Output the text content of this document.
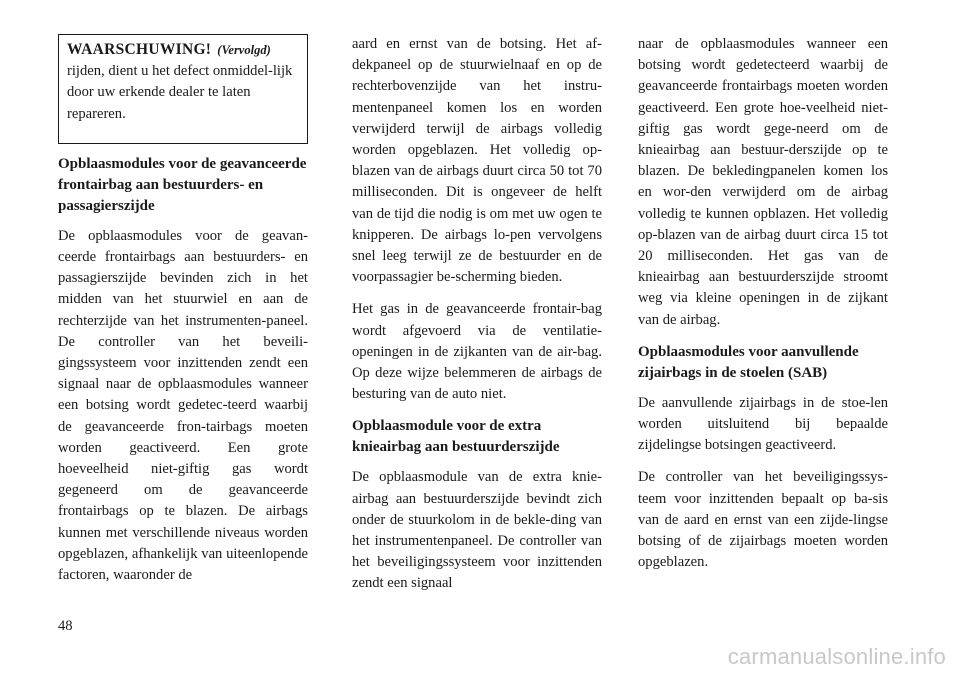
WAARSCHUWING! (Vervolgd)

rijden, dient u het defect onmiddel-lijk door uw erkende dealer te laten repareren.

Opblaasmodules voor de geavanceerde frontairbag aan bestuurders- en passagierszijde

De opblaasmodules voor de geavan-ceerde frontairbags aan bestuurders- en passagierszijde bevinden zich in het midden van het stuurwiel en aan de rechterzijde van het instrumenten-paneel. De controller van het beveili-gingssysteem voor inzittenden zendt een signaal naar de opblaasmodules wanneer een botsing wordt gedetec-teerd waarbij de geavanceerde fron-tairbags moeten worden geactiveerd. Een grote hoeveelheid niet-giftig gas wordt gegeneerd om de geavanceerde frontairbags op te blazen. De airbags kunnen met verschillende niveaus worden opgeblazen, afhankelijk van uiteenlopende factoren, waaronder de

aard en ernst van de botsing. Het af-dekpaneel op de stuurwielnaaf en op de rechterbovenzijde van het instru-mentenpaneel komen los en worden verwijderd terwijl de airbags volledig worden opgeblazen. Het volledig op-blazen van de airbags duurt circa 50 tot 70 milliseconden. Dit is ongeveer de helft van de tijd die nodig is om met uw ogen te knipperen. De airbags lo-pen vervolgens snel leeg terwijl ze de bestuurder en de voorpassagier be-scherming bieden.

Het gas in de geavanceerde frontair-bag wordt afgevoerd via de ventilatie-openingen in de zijkanten van de air-bag. Op deze wijze belemmeren de airbags de besturing van de auto niet.

Opblaasmodule voor de extra knieairbag aan bestuurderszijde

De opblaasmodule van de extra knie-airbag aan bestuurderszijde bevindt zich onder de stuurkolom in de bekle-ding van het instrumentenpaneel. De controller van het beveiligingssysteem voor inzittenden zendt een signaal

naar de opblaasmodules wanneer een botsing wordt gedetecteerd waarbij de geavanceerde frontairbags moeten worden geactiveerd. Een grote hoe-veelheid niet-giftig gas wordt gege-neerd om de knieairbag aan bestuur-derszijde op te blazen. De bekledingpanelen komen los en wor-den verwijderd om de airbag volledig te kunnen opblazen. Het volledig op-blazen van de airbag duurt circa 15 tot 20 milliseconden. Het gas van de knieairbag aan bestuurderszijde stroomt weg via kleine openingen in de zijkant van de airbag.

Opblaasmodules voor aanvullende zijairbags in de stoelen (SAB)

De aanvullende zijairbags in de stoe-len worden uitsluitend bij bepaalde zijdelingse botsingen geactiveerd.

De controller van het beveiligingssys-teem voor inzittenden bepaalt op ba-sis van de aard en ernst van een zijde-lingse botsing of de zijairbags moeten worden opgeblazen.

48
carmanualsonline.info
